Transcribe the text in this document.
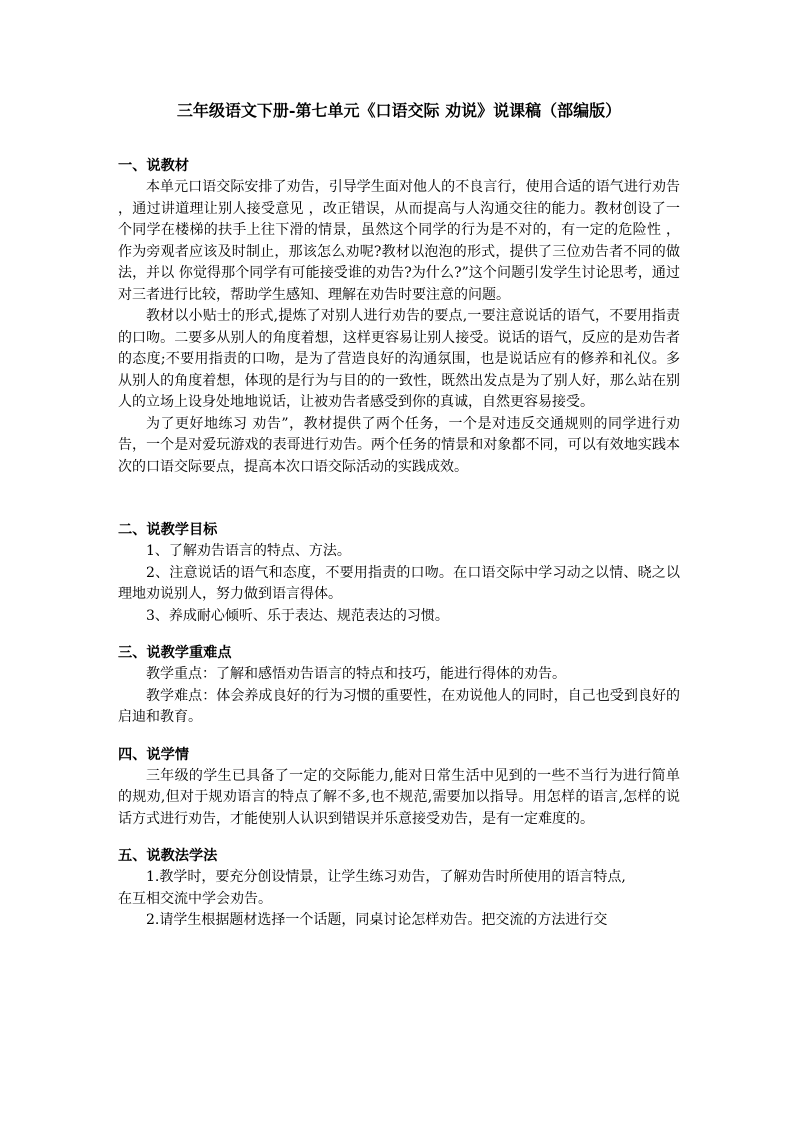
三年级语文下册-第七单元《口语交际 劝说》说课稿（部编版）

一、说教材

本单元口语交际安排了劝告，引导学生面对他人的不良言行，使用合适的语气进行劝告 ，通过讲道理让别人接受意见 ，改正错误，从而提高与人沟通交往的能力。教材创设了一个同学在楼梯的扶手上往下滑的情景，虽然这个同学的行为是不对的，有一定的危险性 ，作为旁观者应该及时制止，那该怎么劝呢?教材以泡泡的形式，提供了三位劝告者不同的做法，并以 你觉得那个同学有可能接受谁的劝告?为什么?”这个问题引发学生讨论思考，通过对三者进行比较，帮助学生感知、理解在劝告时要注意的问题。

教材以小贴士的形式,提炼了对别人进行劝告的要点,一要注意说话的语气，不要用指责的口吻。二要多从别人的角度着想，这样更容易让别人接受。说话的语气，反应的是劝告者的态度;不要用指责的口吻，是为了营造良好的沟通氛围，也是说话应有的修养和礼仪。多从别人的角度着想，体现的是行为与目的的一致性，既然出发点是为了别人好，那么站在别人的立场上设身处地地说话，让被劝告者感受到你的真诚，自然更容易接受。

为了更好地练习 劝告”，教材提供了两个任务，一个是对违反交通规则的同学进行劝告，一个是对爱玩游戏的表哥进行劝告。两个任务的情景和对象都不同，可以有效地实践本次的口语交际要点，提高本次口语交际活动的实践成效。

二、说教学目标

1、了解劝告语言的特点、方法。

2、注意说话的语气和态度，不要用指责的口吻。在口语交际中学习动之以情、晓之以理地劝说别人，努力做到语言得体。

3、养成耐心倾听、乐于表达、规范表达的习惯。

三、说教学重难点

教学重点：了解和感悟劝告语言的特点和技巧，能进行得体的劝告。

教学难点：体会养成良好的行为习惯的重要性，在劝说他人的同时，自己也受到良好的启迪和教育。

四、说学情

三年级的学生已具备了一定的交际能力,能对日常生活中见到的一些不当行为进行简单的规劝,但对于规劝语言的特点了解不多,也不规范,需要加以指导。用怎样的语言,怎样的说话方式进行劝告，才能使别人认识到错误并乐意接受劝告，是有一定难度的。

五、说教法学法

1.教学时，要充分创设情景，让学生练习劝告，了解劝告时所使用的语言特点,

在互相交流中学会劝告。

2.请学生根据题材选择一个话题，同桌讨论怎样劝告。把交流的方法进行交
